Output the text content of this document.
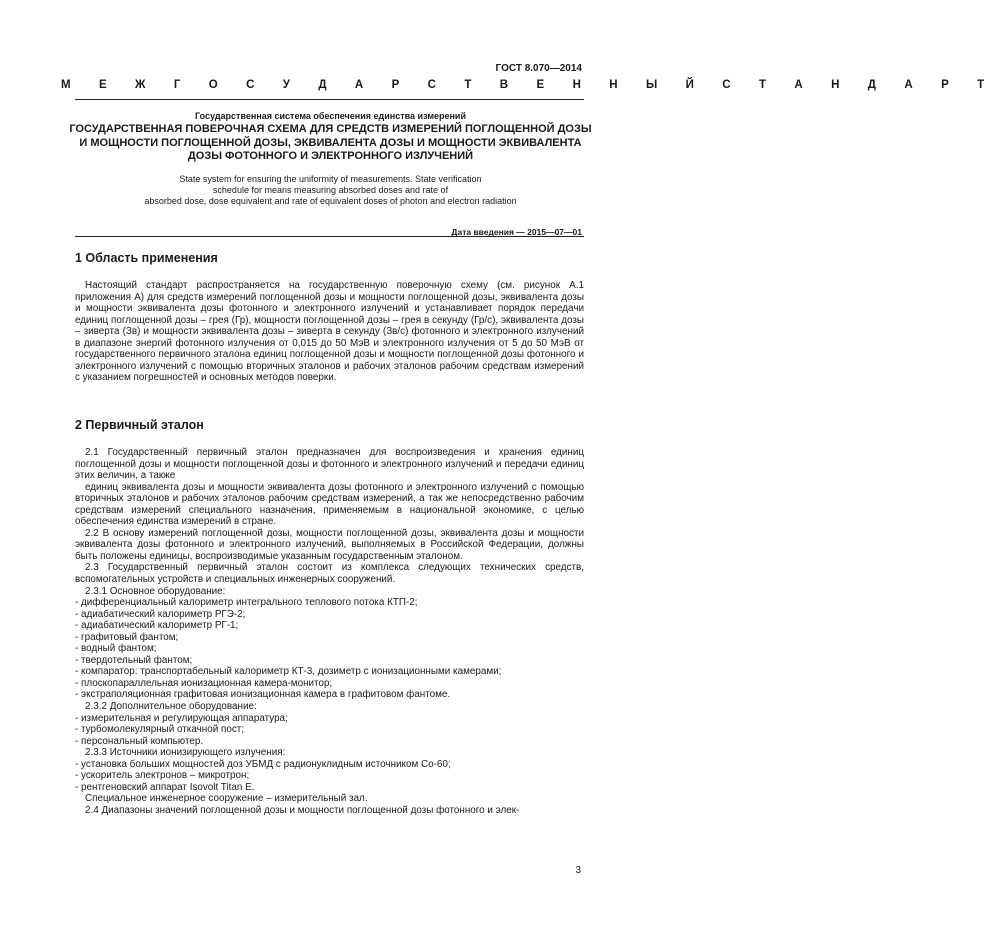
ГОСТ 8.070—2014
М Е Ж Г О С У Д А Р С Т В Е Н Н Ы Й С Т А Н Д А Р Т
Государственная система обеспечения единства измерений
ГОСУДАРСТВЕННАЯ ПОВЕРОЧНАЯ СХЕМА ДЛЯ СРЕДСТВ ИЗМЕРЕНИЙ ПОГЛОЩЕННОЙ ДОЗЫ
И МОЩНОСТИ ПОГЛОЩЕННОЙ ДОЗЫ, ЭКВИВАЛЕНТА ДОЗЫ И МОЩНОСТИ ЭКВИВАЛЕНТА
ДОЗЫ ФОТОННОГО И ЭЛЕКТРОННОГО ИЗЛУЧЕНИЙ
State system for ensuring the uniformity of measurements. State verification
schedule for means measuring absorbed doses and rate of
absorbed dose, dose equivalent and rate of equivalent doses of photon and electron radiation
Дата введения — 2015—07—01
1 Область применения

Настоящий стандарт распространяется на государственную поверочную схему (см. рисунок А.1 приложения А) для средств измерений поглощенной дозы и мощности поглощенной дозы, эквивалента дозы и мощности эквивалента дозы фотонного и электронного излучений и устанавливает порядок передачи единиц поглощенной дозы – грея (Гр), мощности поглощенной дозы – грея в секунду (Гр/с), эквивалента дозы – зиверта (Зв) и мощности эквивалента дозы – зиверта в секунду (Зв/с) фотонного и электронного излучений в диапазоне энергий фотонного излучения от 0,015 до 50 МэВ и электронного излучения от 5 до 50 МэВ от государственного первичного эталона единиц поглощенной дозы и мощности поглощенной дозы фотонного и электронного излучений с помощью вторичных эталонов и рабочих эталонов рабочим средствам измерений с указанием погрешностей и основных методов поверки.

2 Первичный эталон

2.1 Государственный первичный эталон предназначен для воспроизведения и хранения единиц поглощенной дозы и мощности поглощенной дозы и фотонного и электронного излучений и передачи единиц этих величин, а также

единиц эквивалента дозы и мощности эквивалента дозы фотонного и электронного излучений с помощью вторичных эталонов и рабочих эталонов рабочим средствам измерений, а так же непосредственно рабочим средствам измерений специального назначения, применяемым в национальной экономике, с целью обеспечения единства измерений в стране.

2.2 В основу измерений поглощенной дозы, мощности поглощенной дозы, эквивалента дозы и мощности эквивалента дозы фотонного и электронного излучений, выполняемых в Российской Федерации, должны быть положены единицы, воспроизводимые указанным государственным эталоном.

2.3 Государственный первичный эталон состоит из комплекса следующих технических средств, вспомогательных устройств и специальных инженерных сооружений.

2.3.1 Основное оборудование:

- дифференциальный калориметр интегрального теплового потока КТП-2;
- адиабатический калориметр РГЭ-2;
- адиабатический калориметр РГ-1;
- графитовый фантом;
- водный фантом;
- твердотельный фантом;
- компаратор: транспортабельный калориметр КТ-3, дозиметр с ионизационными камерами;
- плоскопараллельная ионизационная камера-монитор;
- экстраполяционная графитовая ионизационная камера в графитовом фантоме.
2.3.2 Дополнительное оборудование:
- измерительная и регулирующая аппаратура;
- турбомолекулярный откачной пост;
- персональный компьютер.
2.3.3 Источники ионизирующего излучения:
- установка больших мощностей доз УБМД с радионуклидным источником Со-60;
- ускоритель электронов – микротрон;
- рентгеновский аппарат Isovolt Titan E.
Специальное инженерное сооружение – измерительный зал.
2.4 Диапазоны значений поглощенной дозы и мощности поглощенной дозы фотонного и элек-
3
